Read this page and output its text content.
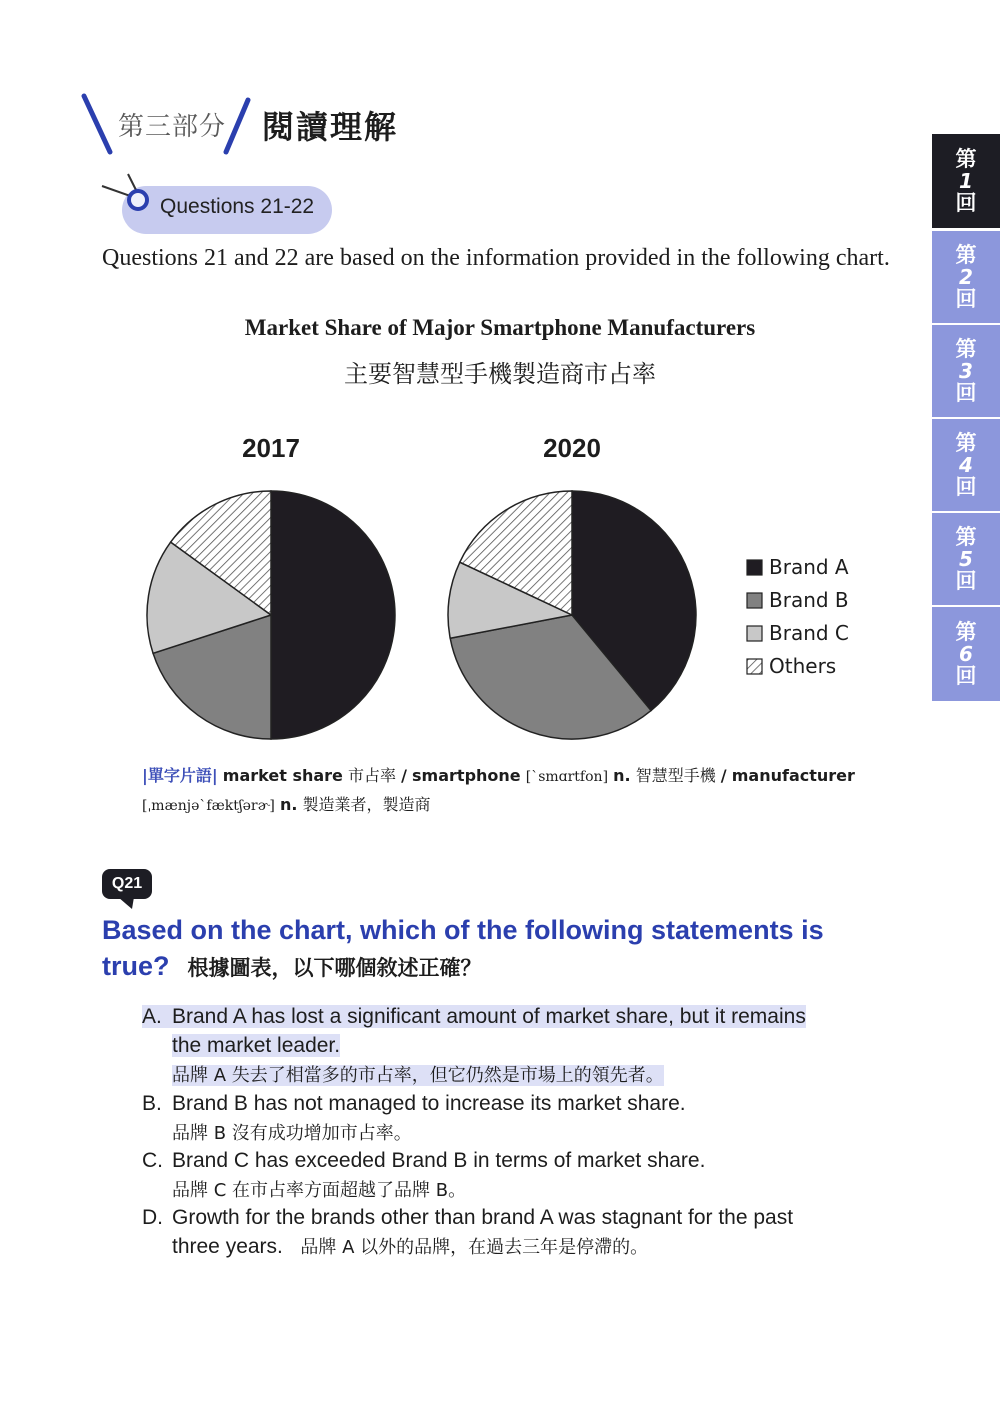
第三部分 閱讀理解
Questions 21-22
第
1
回
第
2
回
第
3
回
第
4
回
第
5
回
第
6
回
Questions 21 and 22 are based on the information provided in the following chart.
Market Share of Major Smartphone Manufacturers
主要智慧型手機製造商市占率
2017	2020
Brand A
Brand B
Brand C
Others
|單字片語| market share 市占率 / smartphone [ˋsmɑrtfon] n. 智慧型手機 / manufacturer
[ˌmænjəˋfæktʃərɚ] n. 製造業者，製造商
Q21
Based on the chart, which of the following statements is
true? 根據圖表，以下哪個敘述正確？
A. Brand A has lost a significant amount of market share, but it remains
the market leader.
品牌 A 失去了相當多的市占率，但它仍然是市場上的領先者。
B. Brand B has not managed to increase its market share.
品牌 B 沒有成功增加市占率。
C. Brand C has exceeded Brand B in terms of market share.
品牌 C 在市占率方面超越了品牌 B。
D. Growth for the brands other than brand A was stagnant for the past
three years. 品牌 A 以外的品牌，在過去三年是停滯的。
